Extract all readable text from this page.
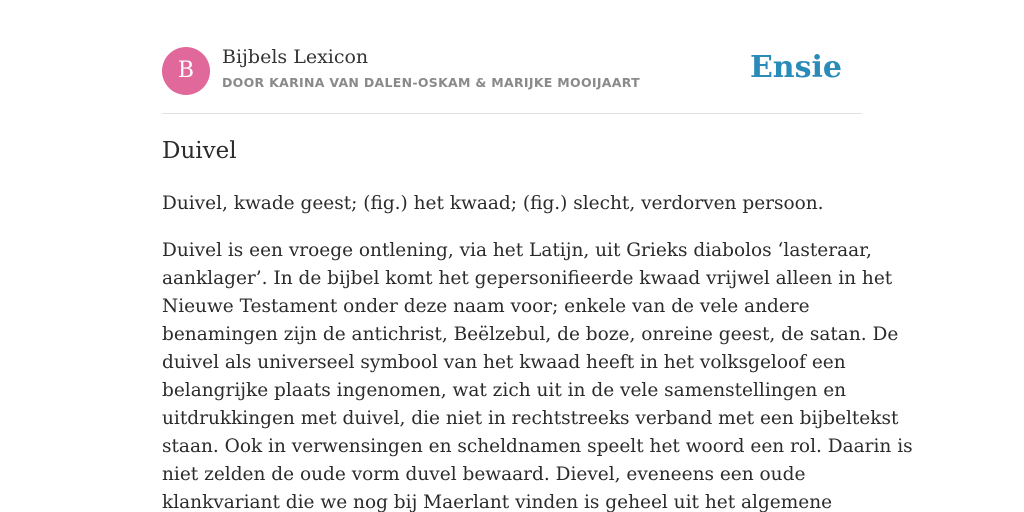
B
Bijbels Lexicon
DOOR KARINA VAN DALEN-OSKAM & MARIJKE MOOIJAART	Ensie
Duivel

Duivel, kwade geest; (fig.) het kwaad; (fig.) slecht, verdorven persoon.

Duivel is een vroege ontlening, via het Latijn, uit Grieks diabolos ‘lasteraar,
aanklager’. In de bijbel komt het gepersonifieerde kwaad vrijwel alleen in het
Nieuwe Testament onder deze naam voor; enkele van de vele andere
benamingen zijn de antichrist, Beëlzebul, de boze, onreine geest, de satan. De
duivel als universeel symbool van het kwaad heeft in het volksgeloof een
belangrijke plaats ingenomen, wat zich uit in de vele samenstellingen en
uitdrukkingen met duivel, die niet in rechtstreeks verband met een bijbeltekst
staan. Ook in verwensingen en scheldnamen speelt het woord een rol. Daarin is
niet zelden de oude vorm duvel bewaard. Dievel, eveneens een oude
klankvariant die we nog bij Maerlant vinden is geheel uit het algemene
